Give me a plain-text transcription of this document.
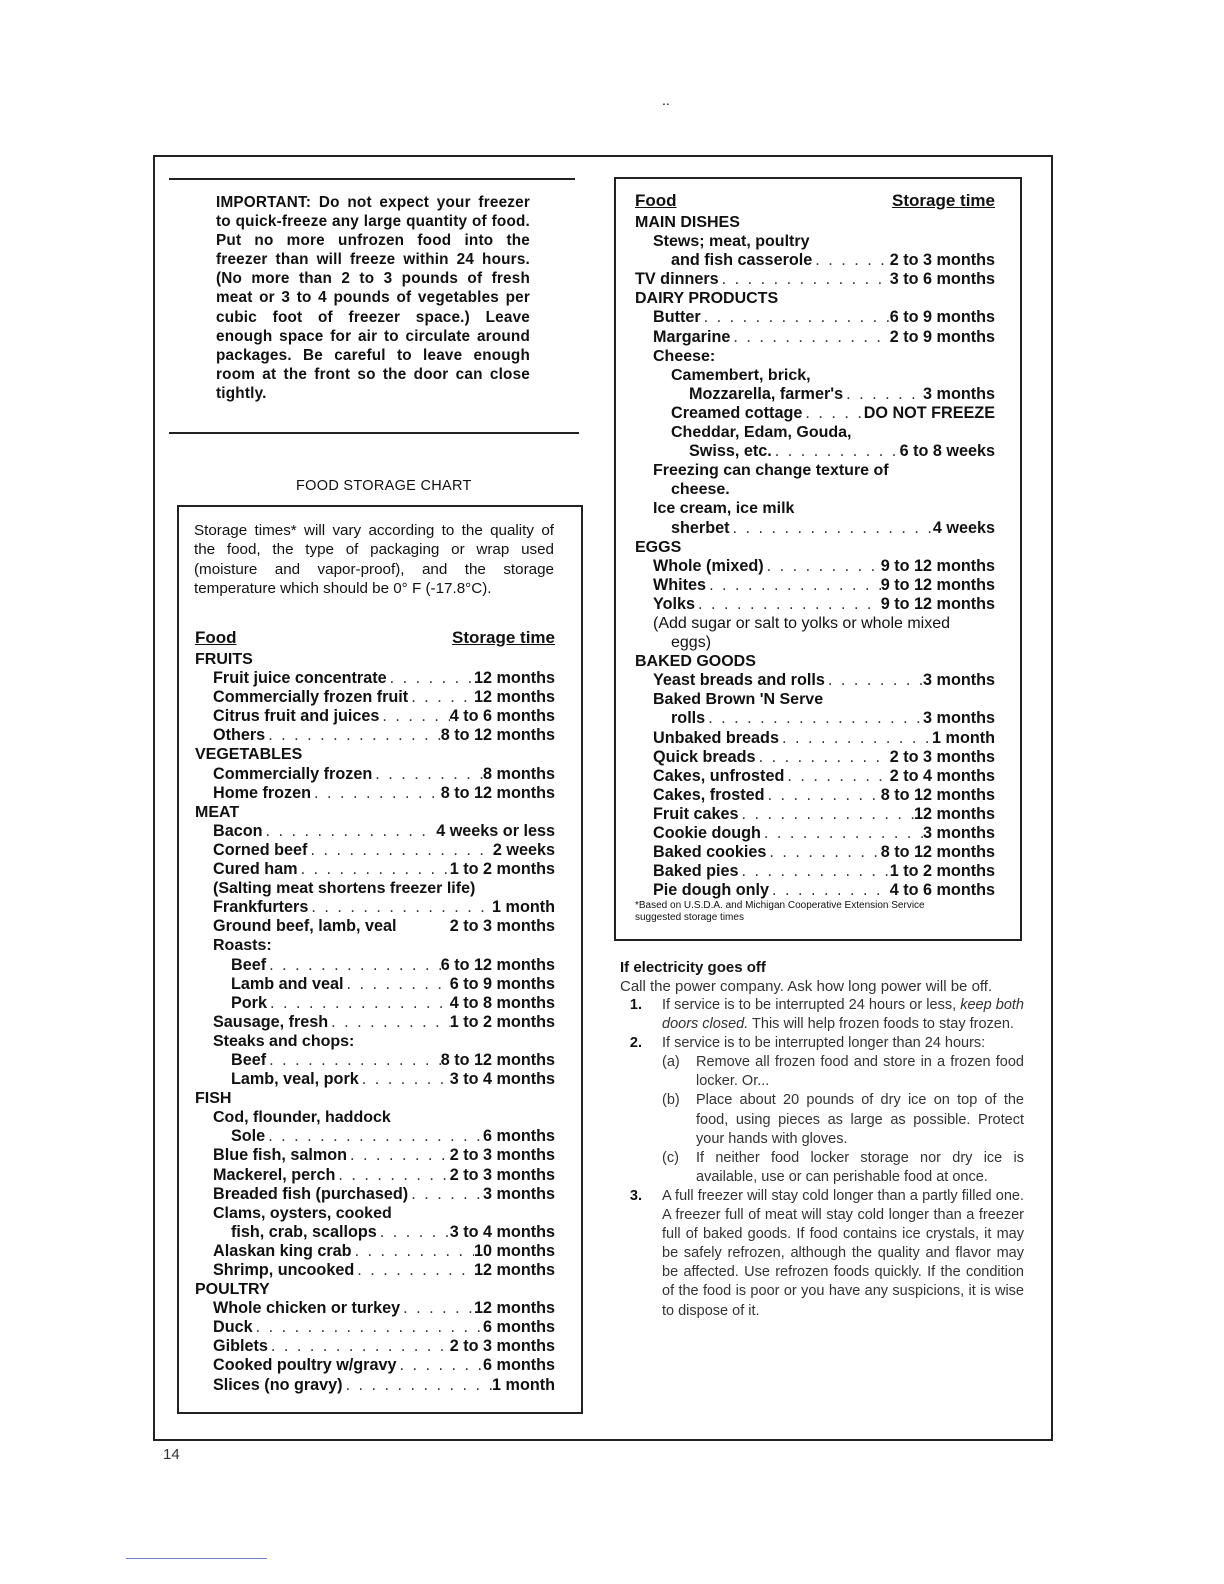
..
IMPORTANT: Do not expect your freezer to quick-freeze any large quantity of food. Put no more unfrozen food into the freezer than will freeze within 24 hours. (No more than 2 to 3 pounds of fresh meat or 3 to 4 pounds of vegetables per cubic foot of freezer space.) Leave enough space for air to circulate around packages. Be careful to leave enough room at the front so the door can close tightly.
FOOD STORAGE CHART
Storage times* will vary according to the quality of the food, the type of packaging or wrap used (moisture and vapor-proof), and the storage temperature which should be 0° F (-17.8°C).
Food	Storage time
FRUITS
Fruit juice concentrate . . .	12 months
Commercially frozen fruit . . .	12 months
Citrus fruit and juices . . .	4 to 6 months
Others . . .	8 to 12 months
VEGETABLES
Commercially frozen . . .	8 months
Home frozen . . .	8 to 12 months
MEAT
Bacon . . .	4 weeks or less
Corned beef . . .	2 weeks
Cured ham . . .	1 to 2 months
(Salting meat shortens freezer life)
Frankfurters . . .	1 month
Ground beef, lamb, veal	2 to 3 months
Roasts:
Beef . . .	6 to 12 months
Lamb and veal . . .	6 to 9 months
Pork . . .	4 to 8 months
Sausage, fresh . . .	1 to 2 months
Steaks and chops:
Beef . . .	8 to 12 months
Lamb, veal, pork . . .	3 to 4 months
FISH
Cod, flounder, haddock
Sole . . .	6 months
Blue fish, salmon . . .	2 to 3 months
Mackerel, perch . . .	2 to 3 months
Breaded fish (purchased) . . .	3 months
Clams, oysters, cooked
fish, crab, scallops . . .	3 to 4 months
Alaskan king crab . . .	10 months
Shrimp, uncooked . . .	12 months
POULTRY
Whole chicken or turkey . . .	12 months
Duck . . .	6 months
Giblets . . .	2 to 3 months
Cooked poultry w/gravy . . .	6 months
Slices (no gravy) . . .	1 month
Food	Storage time
MAIN DISHES
Stews; meat, poultry
and fish casserole . . .	2 to 3 months
TV dinners . . .	3 to 6 months
DAIRY PRODUCTS
Butter . . .	6 to 9 months
Margarine . . .	2 to 9 months
Cheese:
Camembert, brick,
Mozzarella, farmer's . . .	3 months
Creamed cottage . . .	DO NOT FREEZE
Cheddar, Edam, Gouda,
Swiss, etc. . . .	6 to 8 weeks
Freezing can change texture of
cheese.
Ice cream, ice milk
sherbet . . .	4 weeks
EGGS
Whole (mixed) . . .	9 to 12 months
Whites . . .	9 to 12 months
Yolks . . .	9 to 12 months
(Add sugar or salt to yolks or whole mixed
eggs)
BAKED GOODS
Yeast breads and rolls . . .	3 months
Baked Brown 'N Serve
rolls . . .	3 months
Unbaked breads . . .	1 month
Quick breads . . .	2 to 3 months
Cakes, unfrosted . . .	2 to 4 months
Cakes, frosted . . .	8 to 12 months
Fruit cakes . . .	12 months
Cookie dough . . .	3 months
Baked cookies . . .	8 to 12 months
Baked pies . . .	1 to 2 months
Pie dough only . . .	4 to 6 months
*Based on U.S.D.A. and Michigan Cooperative Extension Service
suggested storage times
If electricity goes off
Call the power company. Ask how long power will be off.
1.	If service is to be interrupted 24 hours or less, keep both doors closed. This will help frozen foods to stay frozen.
2.	If service is to be interrupted longer than 24 hours:
(a)	Remove all frozen food and store in a frozen food locker. Or...
(b)	Place about 20 pounds of dry ice on top of the food, using pieces as large as possible. Protect your hands with gloves.
(c)	If neither food locker storage nor dry ice is available, use or can perishable food at once.
3.	A full freezer will stay cold longer than a partly filled one. A freezer full of meat will stay cold longer than a freezer full of baked goods. If food contains ice crystals, it may be safely refrozen, although the quality and flavor may be affected. Use refrozen foods quickly. If the condition of the food is poor or you have any suspicions, it is wise to dispose of it.
14
